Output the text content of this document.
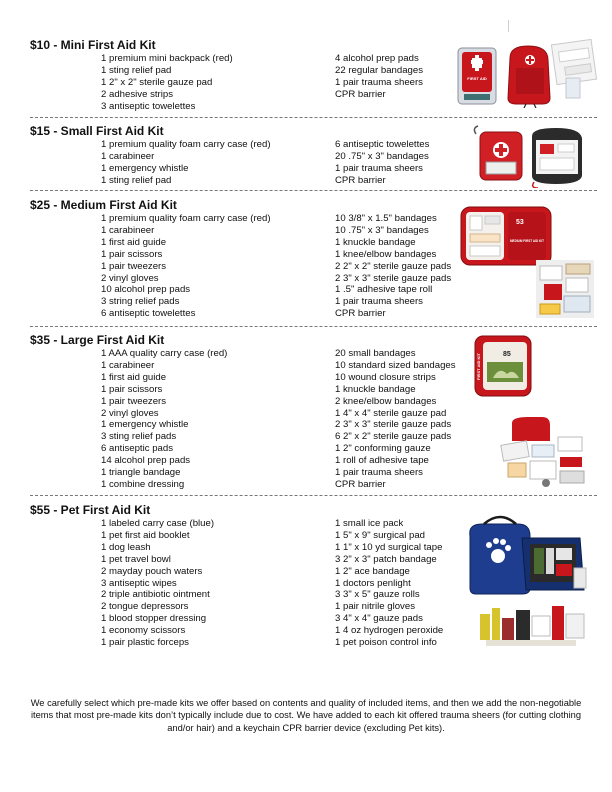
$10 - Mini First Aid Kit
1 premium mini backpack (red)
1 sting relief pad
1 2" x 2" sterile gauze pad
2 adhesive strips
3 antiseptic towelettes
4 alcohol prep pads
22 regular bandages
1 pair trauma sheers
CPR barrier
FIRST AID
$15 - Small First Aid Kit
1 premium quality foam carry case (red)
1 carabineer
1 emergency whistle
1 sting relief pad
6 antiseptic towelettes
20 .75" x 3" bandages
1 pair trauma sheers
CPR barrier
$25 - Medium First Aid Kit
1 premium quality foam carry case (red)
1 carabineer
1 first aid guide
1 pair scissors
1 pair tweezers
2 vinyl gloves
10 alcohol prep pads
3 string relief pads
6 antiseptic towelettes
10 3/8" x 1.5" bandages
10 .75" x 3" bandages
1 knuckle bandage
1 knee/elbow bandages
2 2" x 2" sterile gauze pads
2 3" x 3" sterile gauze pads
1 .5" adhesive tape roll
1 pair trauma sheers
CPR barrier
53
MEDIUM FIRST AID KIT
$35 - Large First Aid Kit
1 AAA quality carry case (red)
1 carabineer
1 first aid guide
1 pair scissors
1 pair tweezers
2 vinyl gloves
1 emergency whistle
3 sting relief pads
6 antiseptic pads
14 alcohol prep pads
1 triangle bandage
1 combine dressing
20 small bandages
10 standard sized bandages
10 wound closure strips
1 knuckle bandage
2 knee/elbow bandages
1 4" x 4" sterile gauze pad
2 3" x 3" sterile gauze pads
6 2" x 2" sterile gauze pads
1 2" conforming gauze
1 roll of adhesive tape
1 pair trauma sheers
CPR barrier
85
FIRST AID KIT
$55 - Pet First Aid Kit
1 labeled carry case (blue)
1 pet first aid booklet
1 dog leash
1 pet travel bowl
2 mayday pouch waters
3 antiseptic wipes
2 triple antibiotic ointment
2 tongue depressors
1 blood stopper dressing
1 economy scissors
1 pair plastic forceps
1 small ice pack
1 5" x 9" surgical pad
1 1" x 10 yd surgical tape
3 2" x 3" patch bandage
1 2" ace bandage
1 doctors penlight
3 3" x 5" gauze rolls
1 pair nitrile gloves
3 4" x 4" gauze pads
1 4 oz hydrogen peroxide
1 pet poison control info
We carefully select which pre-made kits we offer based on contents and quality of included items, and then we add the non-negotiable items that most pre-made kits don’t typically include due to cost. We have added to each kit offered trauma sheers (for cutting clothing and/or hair) and a keychain CPR barrier device (excluding Pet kits).
